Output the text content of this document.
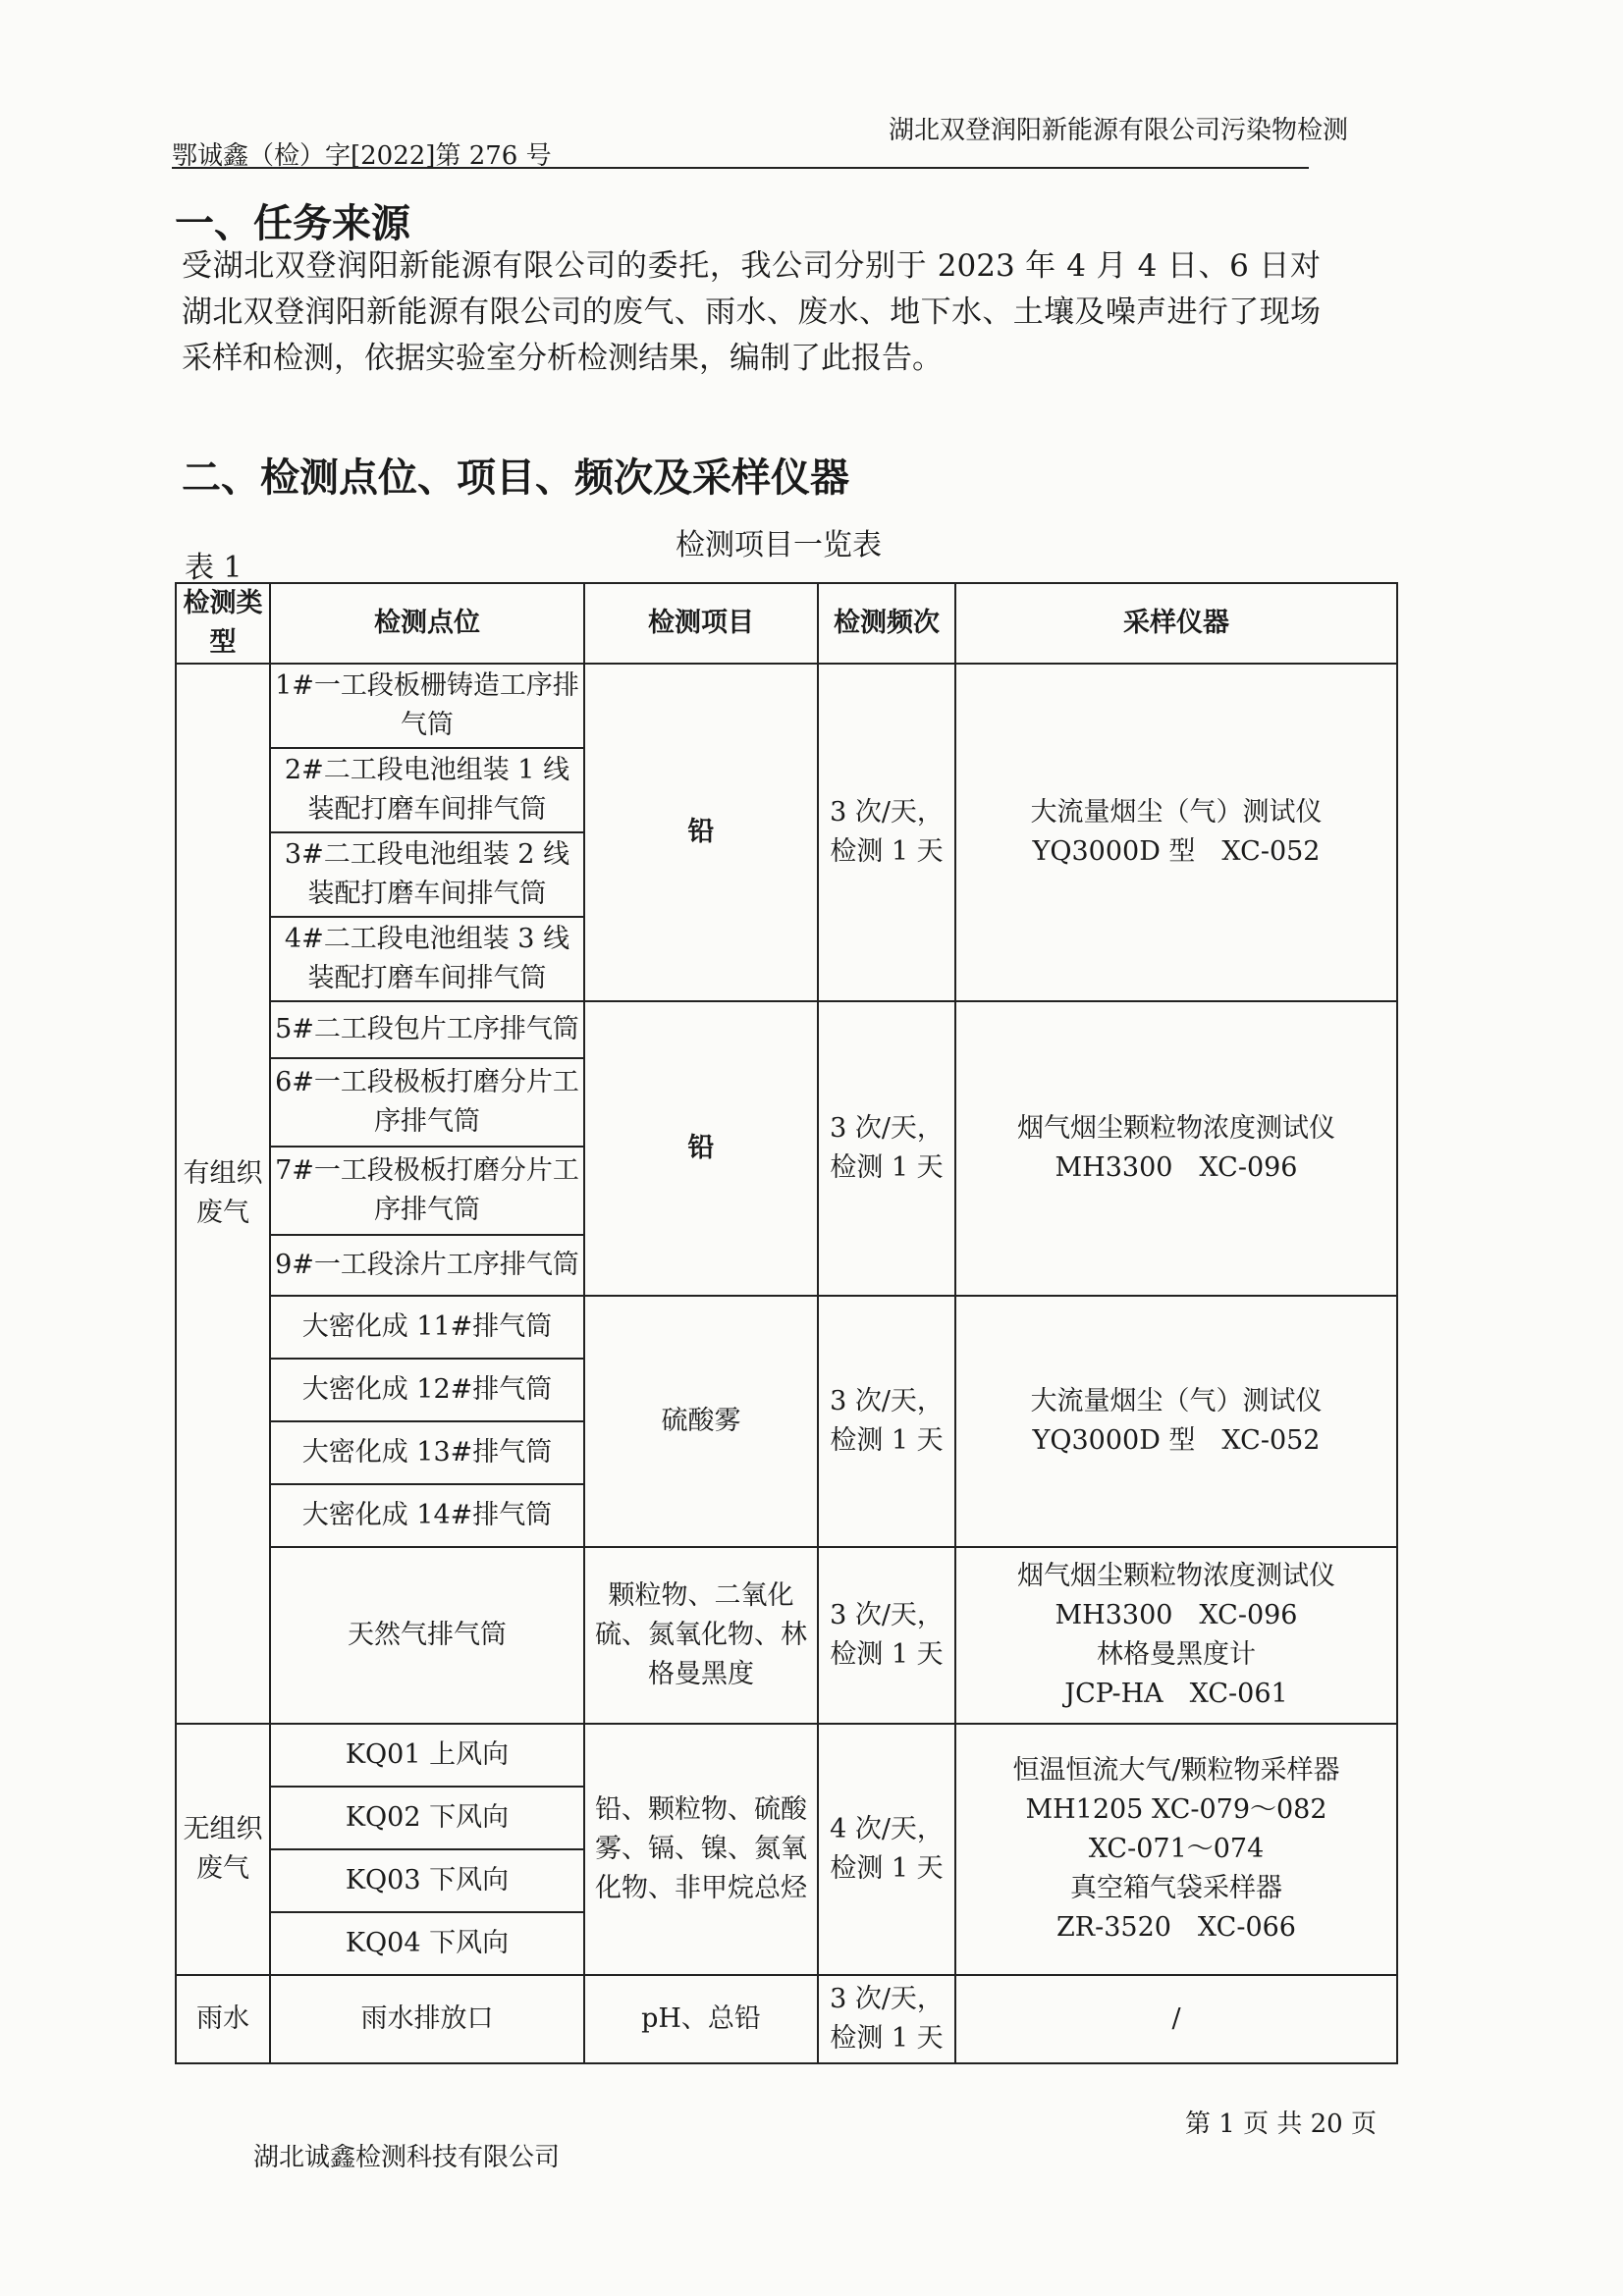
鄂诚鑫（检）字[2022]第 276 号
湖北双登润阳新能源有限公司污染物检测
一、任务来源
受湖北双登润阳新能源有限公司的委托，我公司分别于 2023 年 4 月 4 日、6 日对湖北双登润阳新能源有限公司的废气、雨水、废水、地下水、土壤及噪声进行了现场采样和检测，依据实验室分析检测结果，编制了此报告。
二、检测点位、项目、频次及采样仪器
表 1
检测项目一览表
检测类型	检测点位	检测项目	检测频次	采样仪器
有组织废气	1#一工段板栅铸造工序排气筒	铅	3 次/天，检测 1 天	大流量烟尘（气）测试仪
YQ3000D 型　XC-052

	2#二工段电池组装 1 线装配打磨车间排气筒			
	3#二工段电池组装 2 线装配打磨车间排气筒			
	4#二工段电池组装 3 线装配打磨车间排气筒			
	5#二工段包片工序排气筒	铅	3 次/天，检测 1 天	烟气烟尘颗粒物浓度测试仪
MH3300　XC-096

	6#一工段极板打磨分片工序排气筒			
	7#一工段极板打磨分片工序排气筒			
	9#一工段涂片工序排气筒			
	大密化成 11#排气筒	硫酸雾	3 次/天，检测 1 天	大流量烟尘（气）测试仪
YQ3000D 型　XC-052

	大密化成 12#排气筒			
	大密化成 13#排气筒			
	大密化成 14#排气筒			
	天然气排气筒	颗粒物、二氧化硫、氮氧化物、林格曼黑度	3 次/天，检测 1 天	烟气烟尘颗粒物浓度测试仪
MH3300　XC-096
林格曼黑度计
JCP-HA　XC-061

无组织废气	KQ01 上风向	铅、颗粒物、硫酸雾、镉、镍、氮氧化物、非甲烷总烃	4 次/天，检测 1 天	恒温恒流大气/颗粒物采样器
MH1205 XC-079～082
XC-071～074
真空箱气袋采样器
ZR-3520　XC-066

	KQ02 下风向			
	KQ03 下风向			
	KQ04 下风向			
雨水	雨水排放口	pH、总铅	3 次/天，检测 1 天	/
第 1 页 共 20 页
湖北诚鑫检测科技有限公司
